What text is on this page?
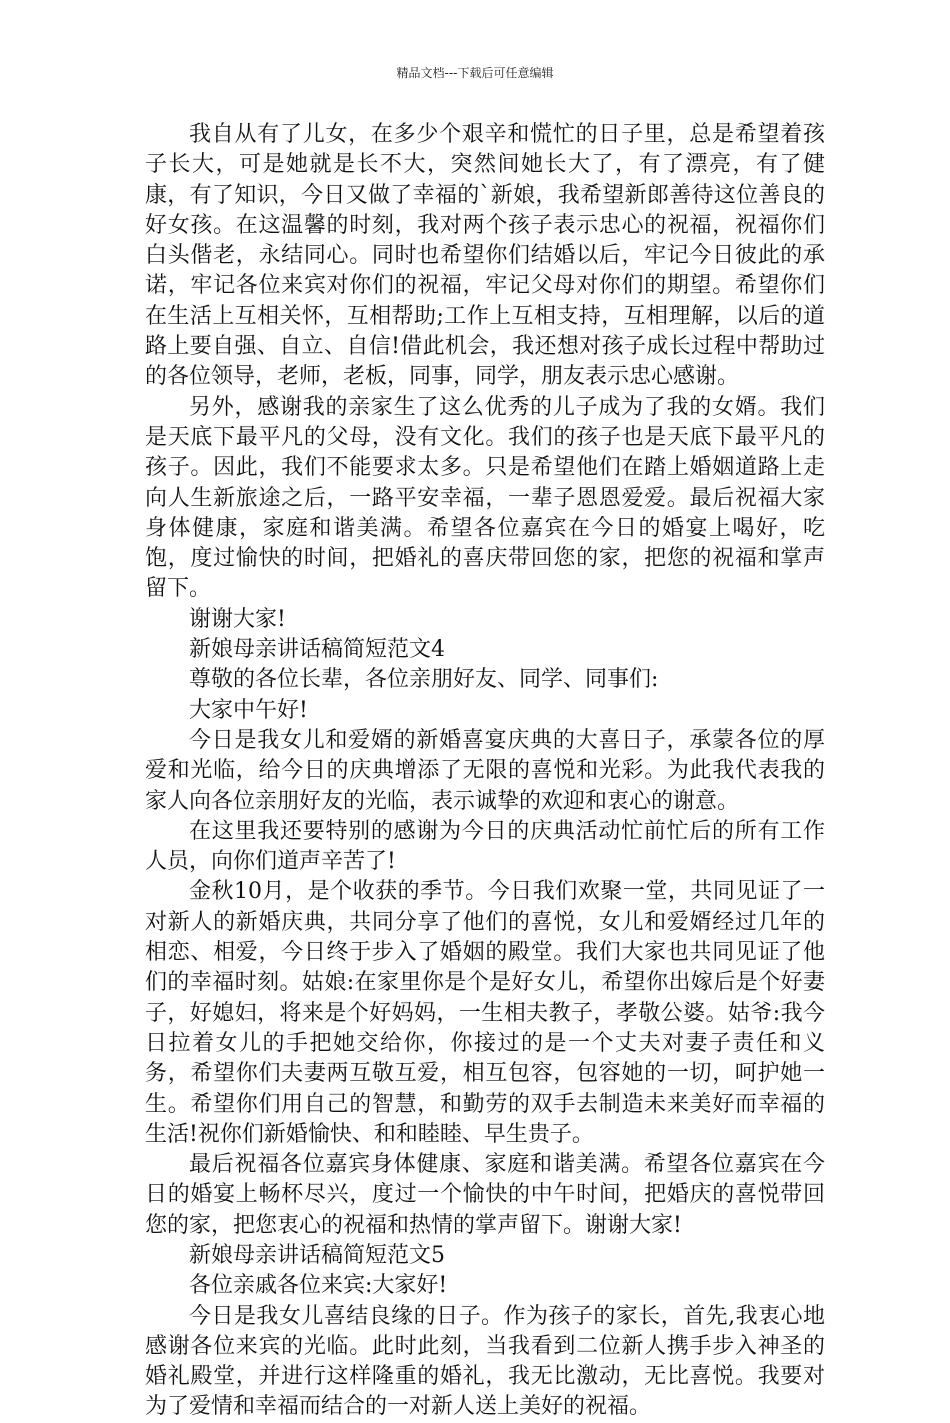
精品文档---下载后可任意编辑

我自从有了儿女，在多少个艰辛和慌忙的日子里，总是希望着孩子长大，可是她就是长不大，突然间她长大了，有了漂亮，有了健康，有了知识，今日又做了幸福的`新娘，我希望新郎善待这位善良的好女孩。在这温馨的时刻，我对两个孩子表示忠心的祝福，祝福你们白头偕老，永结同心。同时也希望你们结婚以后，牢记今日彼此的承诺，牢记各位来宾对你们的祝福，牢记父母对你们的期望。希望你们在生活上互相关怀，互相帮助;工作上互相支持，互相理解，以后的道路上要自强、自立、自信!借此机会，我还想对孩子成长过程中帮助过的各位领导，老师，老板，同事，同学，朋友表示忠心感谢。

另外，感谢我的亲家生了这么优秀的儿子成为了我的女婿。我们是天底下最平凡的父母，没有文化。我们的孩子也是天底下最平凡的孩子。因此，我们不能要求太多。只是希望他们在踏上婚姻道路上走向人生新旅途之后，一路平安幸福，一辈子恩恩爱爱。最后祝福大家身体健康，家庭和谐美满。希望各位嘉宾在今日的婚宴上喝好，吃饱，度过愉快的时间，把婚礼的喜庆带回您的家，把您的祝福和掌声留下。

谢谢大家!

新娘母亲讲话稿简短范文4

尊敬的各位长辈，各位亲朋好友、同学、同事们:

大家中午好!

今日是我女儿和爱婿的新婚喜宴庆典的大喜日子，承蒙各位的厚爱和光临，给今日的庆典增添了无限的喜悦和光彩。为此我代表我的家人向各位亲朋好友的光临，表示诚挚的欢迎和衷心的谢意。

在这里我还要特别的感谢为今日的庆典活动忙前忙后的所有工作人员，向你们道声辛苦了!

金秋10月，是个收获的季节。今日我们欢聚一堂，共同见证了一对新人的新婚庆典，共同分享了他们的喜悦，女儿和爱婿经过几年的相恋、相爱，今日终于步入了婚姻的殿堂。我们大家也共同见证了他们的幸福时刻。姑娘:在家里你是个是好女儿，希望你出嫁后是个好妻子，好媳妇，将来是个好妈妈，一生相夫教子，孝敬公婆。姑爷:我今日拉着女儿的手把她交给你，你接过的是一个丈夫对妻子责任和义务，希望你们夫妻两互敬互爱，相互包容，包容她的一切，呵护她一生。希望你们用自己的智慧，和勤劳的双手去制造未来美好而幸福的生活!祝你们新婚愉快、和和睦睦、早生贵子。

最后祝福各位嘉宾身体健康、家庭和谐美满。希望各位嘉宾在今日的婚宴上畅杯尽兴，度过一个愉快的中午时间，把婚庆的喜悦带回您的家，把您衷心的祝福和热情的掌声留下。谢谢大家!

新娘母亲讲话稿简短范文5

各位亲戚各位来宾:大家好!

今日是我女儿喜结良缘的日子。作为孩子的家长，首先,我衷心地感谢各位来宾的光临。此时此刻，当我看到二位新人携手步入神圣的婚礼殿堂，并进行这样隆重的婚礼，我无比激动，无比喜悦。我要对为了爱情和幸福而结合的一对新人送上美好的祝福。
